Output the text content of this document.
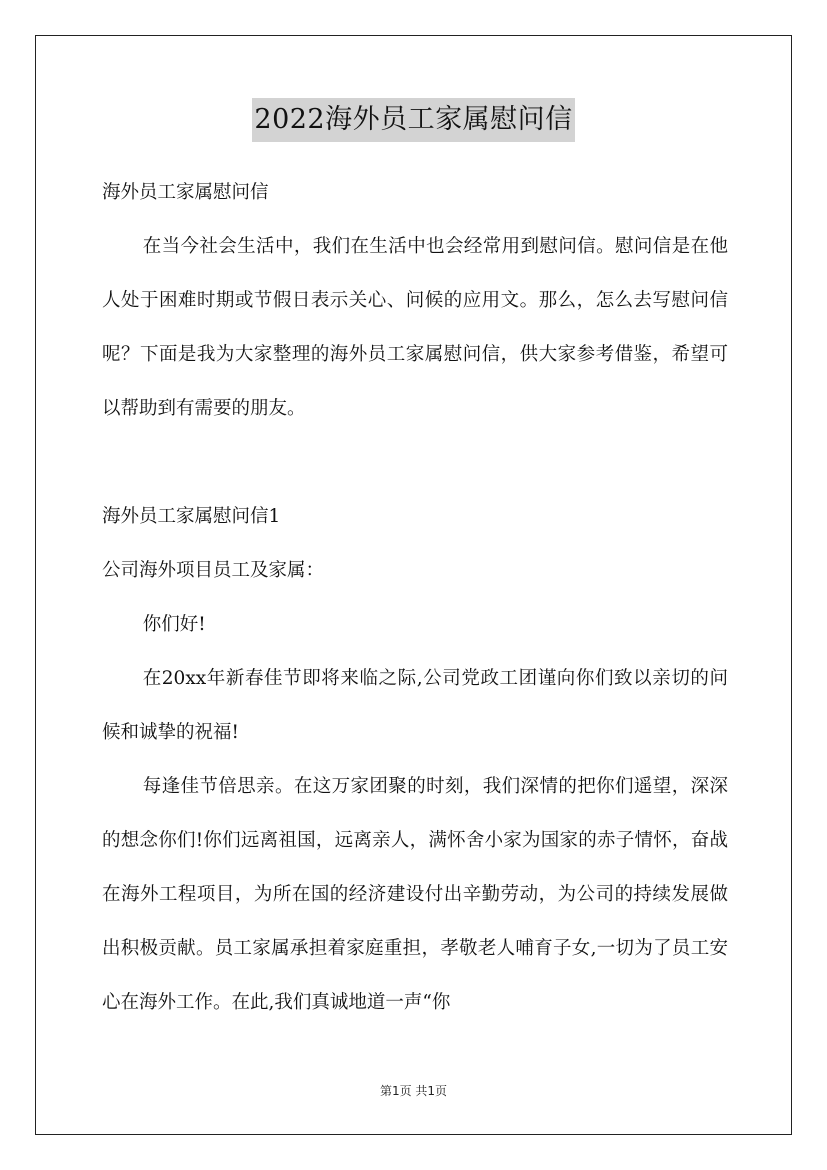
2022海外员工家属慰问信

海外员工家属慰问信

在当今社会生活中，我们在生活中也会经常用到慰问信。慰问信是在他人处于困难时期或节假日表示关心、问候的应用文。那么，怎么去写慰问信呢？下面是我为大家整理的海外员工家属慰问信，供大家参考借鉴，希望可以帮助到有需要的朋友。

海外员工家属慰问信1

公司海外项目员工及家属：

你们好!

在20xx年新春佳节即将来临之际,公司党政工团谨向你们致以亲切的问候和诚挚的祝福!

每逢佳节倍思亲。在这万家团聚的时刻，我们深情的把你们遥望，深深的想念你们!你们远离祖国，远离亲人，满怀舍小家为国家的赤子情怀，奋战在海外工程项目，为所在国的经济建设付出辛勤劳动，为公司的持续发展做出积极贡献。员工家属承担着家庭重担，孝敬老人哺育子女,一切为了员工安心在海外工作。在此,我们真诚地道一声“你

第1页 共1页
